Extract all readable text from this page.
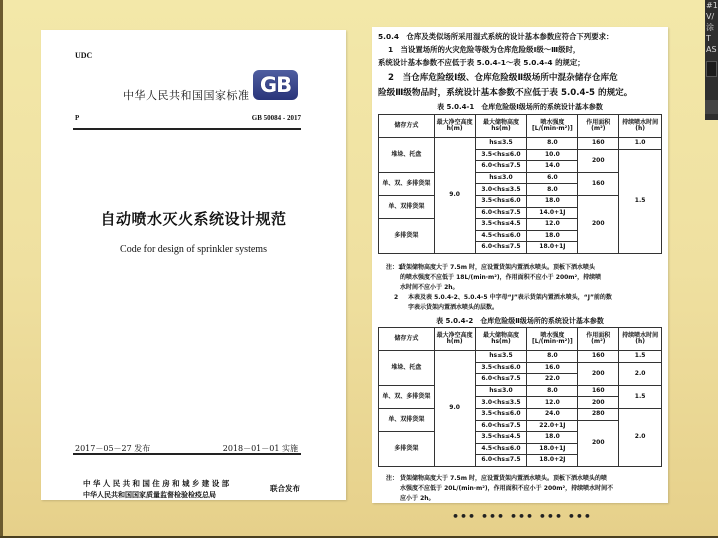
UDC
中华人民共和国国家标准 GB
P	GB 50084 - 2017
自动喷水灭火系统设计规范
Code for design of sprinkler systems
2017－05－27 发布	2018－01－01 实施
中华人民共和国住房和城乡建设部
中华人民共和国国家质量监督检验检疫总局
联合发布
5.0.4　仓库及类似场所采用湿式系统的设计基本参数应符合下列要求：
1　当设置场所的火灾危险等级为仓库危险级Ⅰ级～Ⅲ级时，
系统设计基本参数不应低于表 5.0.4-1～表 5.0.4-4 的规定；
2　当仓库危险级Ⅰ级、仓库危险级Ⅱ级场所中混杂储存仓库危
险级Ⅲ级物品时，系统设计基本参数不应低于表 5.0.4-5 的规定。
表 5.0.4-1　仓库危险级Ⅰ级场所的系统设计基本参数
储存方式	最大净空高度 h(m)	最大储物高度 hs(m)	喷水强度 [L/(min·m²)]	作用面积 (m²)	持续喷水时间(h)
堆垛、托盘	9.0	hs≤3.5	8.0	160	1.0
		3.5<hs≤6.0	10.0	200	1.5
		6.0<hs≤7.5	14.0		
单、双、多排货架		hs≤3.0	6.0	160	
		3.0<hs≤3.5	8.0		
单、双排货架		3.5<hs≤6.0	18.0	200	
		6.0<hs≤7.5	14.0+1J		
多排货架		3.5<hs≤4.5	12.0		
		4.5<hs≤6.0	18.0		
		6.0<hs≤7.5	18.0+1J		
注：1货架储物高度大于 7.5m 时，应设置货架内置洒水喷头。顶板下洒水喷头
的喷水强度不应低于 18L/(min·m²)，作用面积不应小于 200m²，持续喷
水时间不应小于 2h。
2 本表及表 5.0.4-2、5.0.4-5 中字母“J”表示货架内置洒水喷头，“J”前的数
字表示货架内置洒水喷头的层数。
表 5.0.4-2　仓库危险级Ⅱ级场所的系统设计基本参数
储存方式	最大净空高度 h(m)	最大储物高度 hs(m)	喷水强度 [L/(min·m²)]	作用面积 (m²)	持续喷水时间(h)
堆垛、托盘	9.0	hs≤3.5	8.0	160	1.5
		3.5<hs≤6.0	16.0	200	2.0
		6.0<hs≤7.5	22.0		
单、双、多排货架		hs≤3.0	8.0	160	1.5
		3.0<hs≤3.5	12.0	200	
单、双排货架		3.5<hs≤6.0	24.0	280	2.0
		6.0<hs≤7.5	22.0+1J	200	
多排货架		3.5<hs≤4.5	18.0		
		4.5<hs≤6.0	18.0+1J		
		6.0<hs≤7.5	18.0+2J		
注： 货架储物高度大于 7.5m 时，应设置货架内置洒水喷头。顶板下洒水喷头的喷
水强度不应低于 20L/(min·m²)，作用面积不应小于 200m²，持续喷水时间不
应小于 2h。
••• ••• ••• ••• •••
#1
V/
涂
T
AS
